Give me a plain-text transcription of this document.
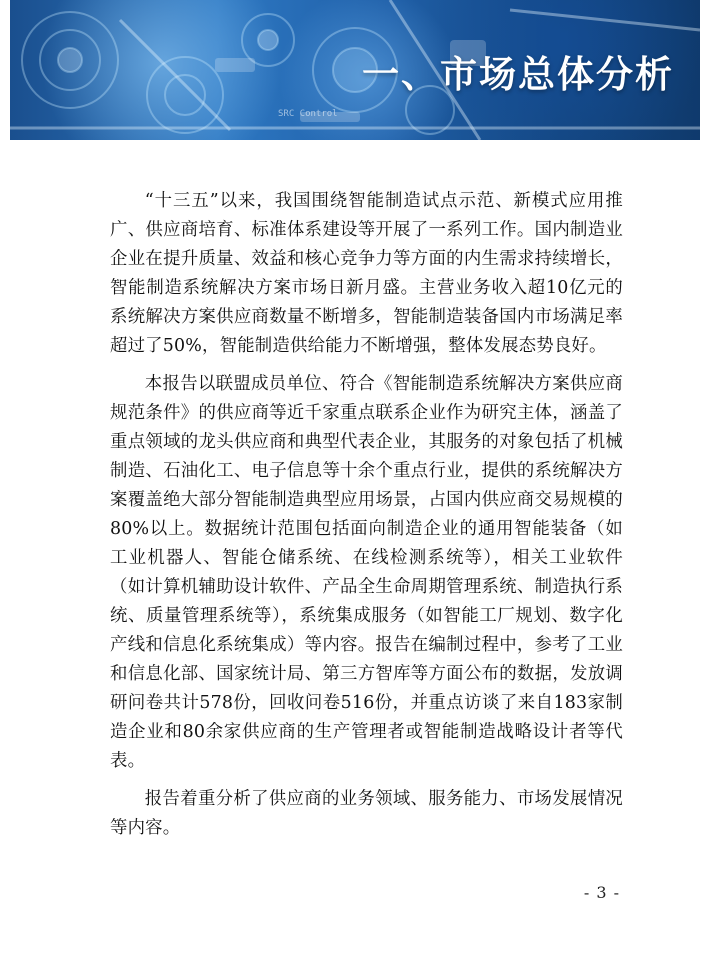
SRC Control
一、市场总体分析

“十三五”以来，我国围绕智能制造试点示范、新模式应用推广、供应商培育、标准体系建设等开展了一系列工作。国内制造业企业在提升质量、效益和核心竞争力等方面的内生需求持续增长，智能制造系统解决方案市场日新月盛。主营业务收入超10亿元的系统解决方案供应商数量不断增多，智能制造装备国内市场满足率超过了50%，智能制造供给能力不断增强，整体发展态势良好。

本报告以联盟成员单位、符合《智能制造系统解决方案供应商规范条件》的供应商等近千家重点联系企业作为研究主体，涵盖了重点领域的龙头供应商和典型代表企业，其服务的对象包括了机械制造、石油化工、电子信息等十余个重点行业，提供的系统解决方案覆盖绝大部分智能制造典型应用场景，占国内供应商交易规模的80%以上。数据统计范围包括面向制造企业的通用智能装备（如工业机器人、智能仓储系统、在线检测系统等），相关工业软件（如计算机辅助设计软件、产品全生命周期管理系统、制造执行系统、质量管理系统等），系统集成服务（如智能工厂规划、数字化产线和信息化系统集成）等内容。报告在编制过程中，参考了工业和信息化部、国家统计局、第三方智库等方面公布的数据，发放调研问卷共计578份，回收问卷516份，并重点访谈了来自183家制造企业和80余家供应商的生产管理者或智能制造战略设计者等代表。

报告着重分析了供应商的业务领域、服务能力、市场发展情况等内容。

- 3 -
